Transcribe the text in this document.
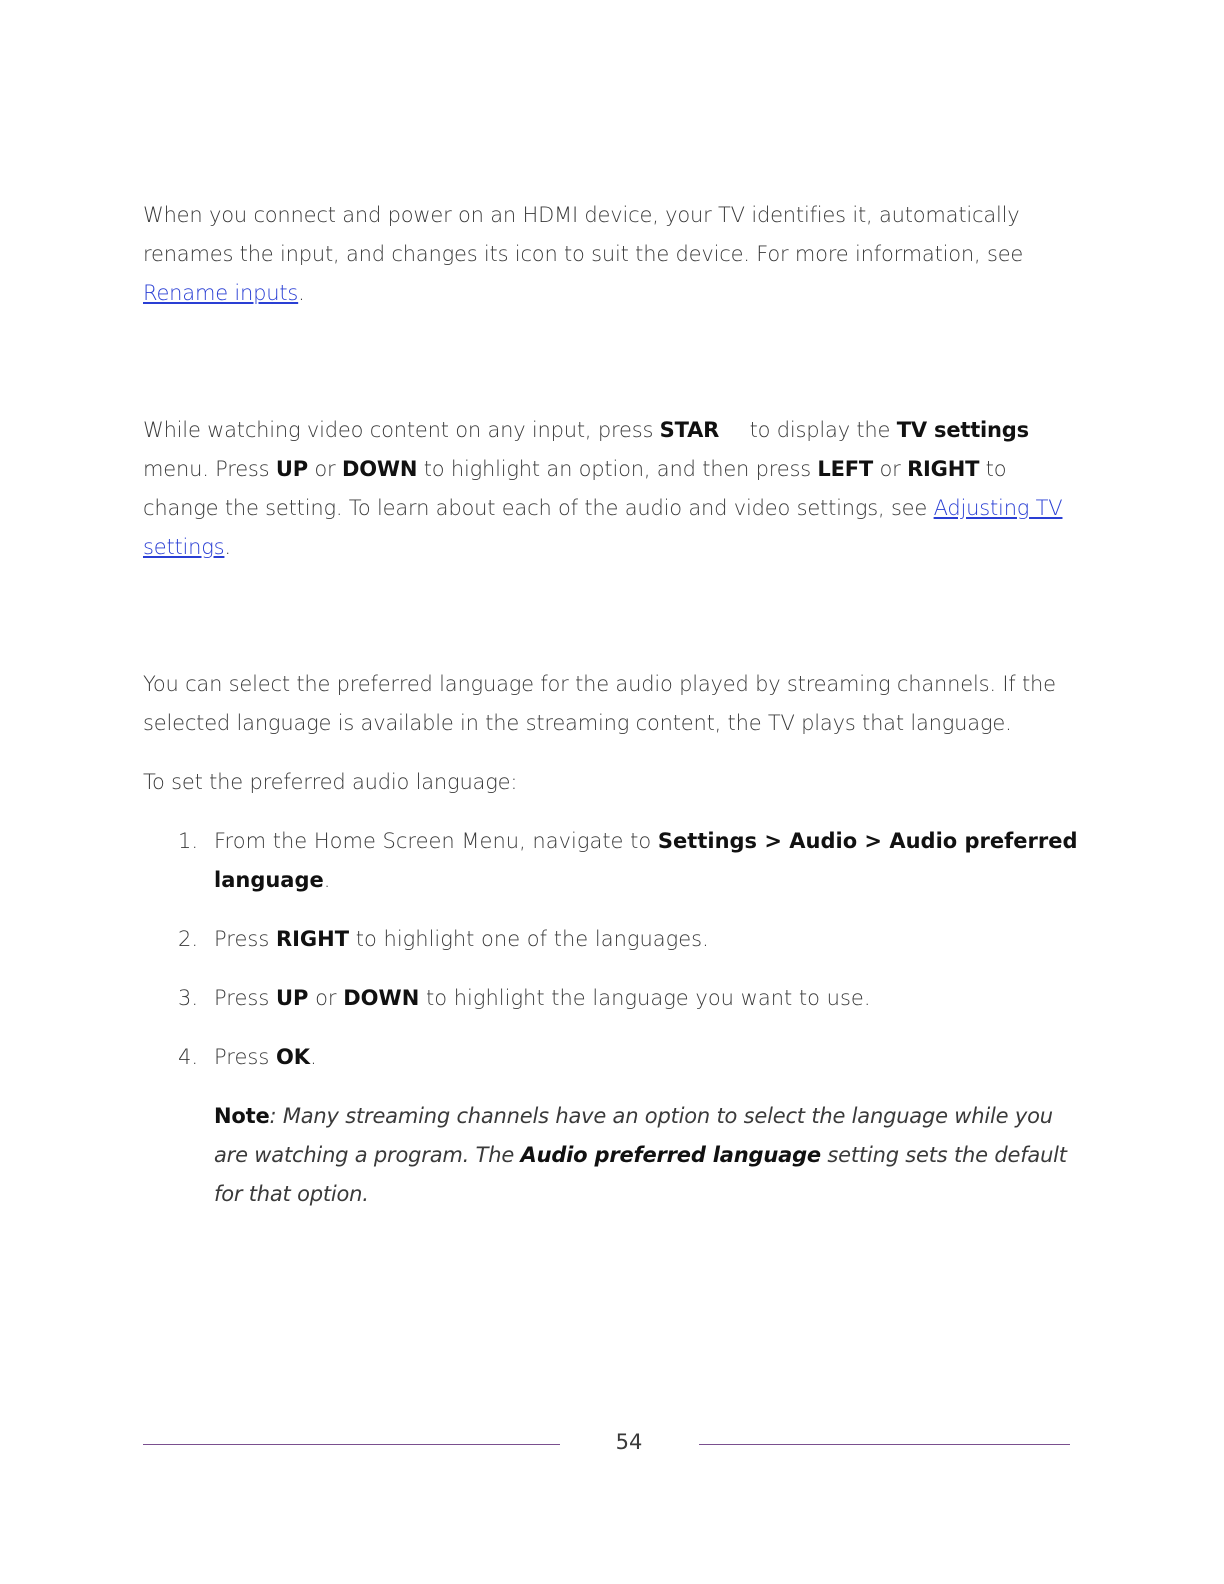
When you connect and power on an HDMI device, your TV identifies it, automatically renames the input, and changes its icon to suit the device. For more information, see Rename inputs.

While watching video content on any input, press STAR to display the TV settings menu. Press UP or DOWN to highlight an option, and then press LEFT or RIGHT to change the setting. To learn about each of the audio and video settings, see Adjusting TV settings.

You can select the preferred language for the audio played by streaming channels. If the selected language is available in the streaming content, the TV plays that language.

To set the preferred audio language:

1. From the Home Screen Menu, navigate to Settings > Audio > Audio preferred language.
2. Press RIGHT to highlight one of the languages.
3. Press UP or DOWN to highlight the language you want to use.
4. Press OK.

Note: Many streaming channels have an option to select the language while you are watching a program. The Audio preferred language setting sets the default for that option.

54
